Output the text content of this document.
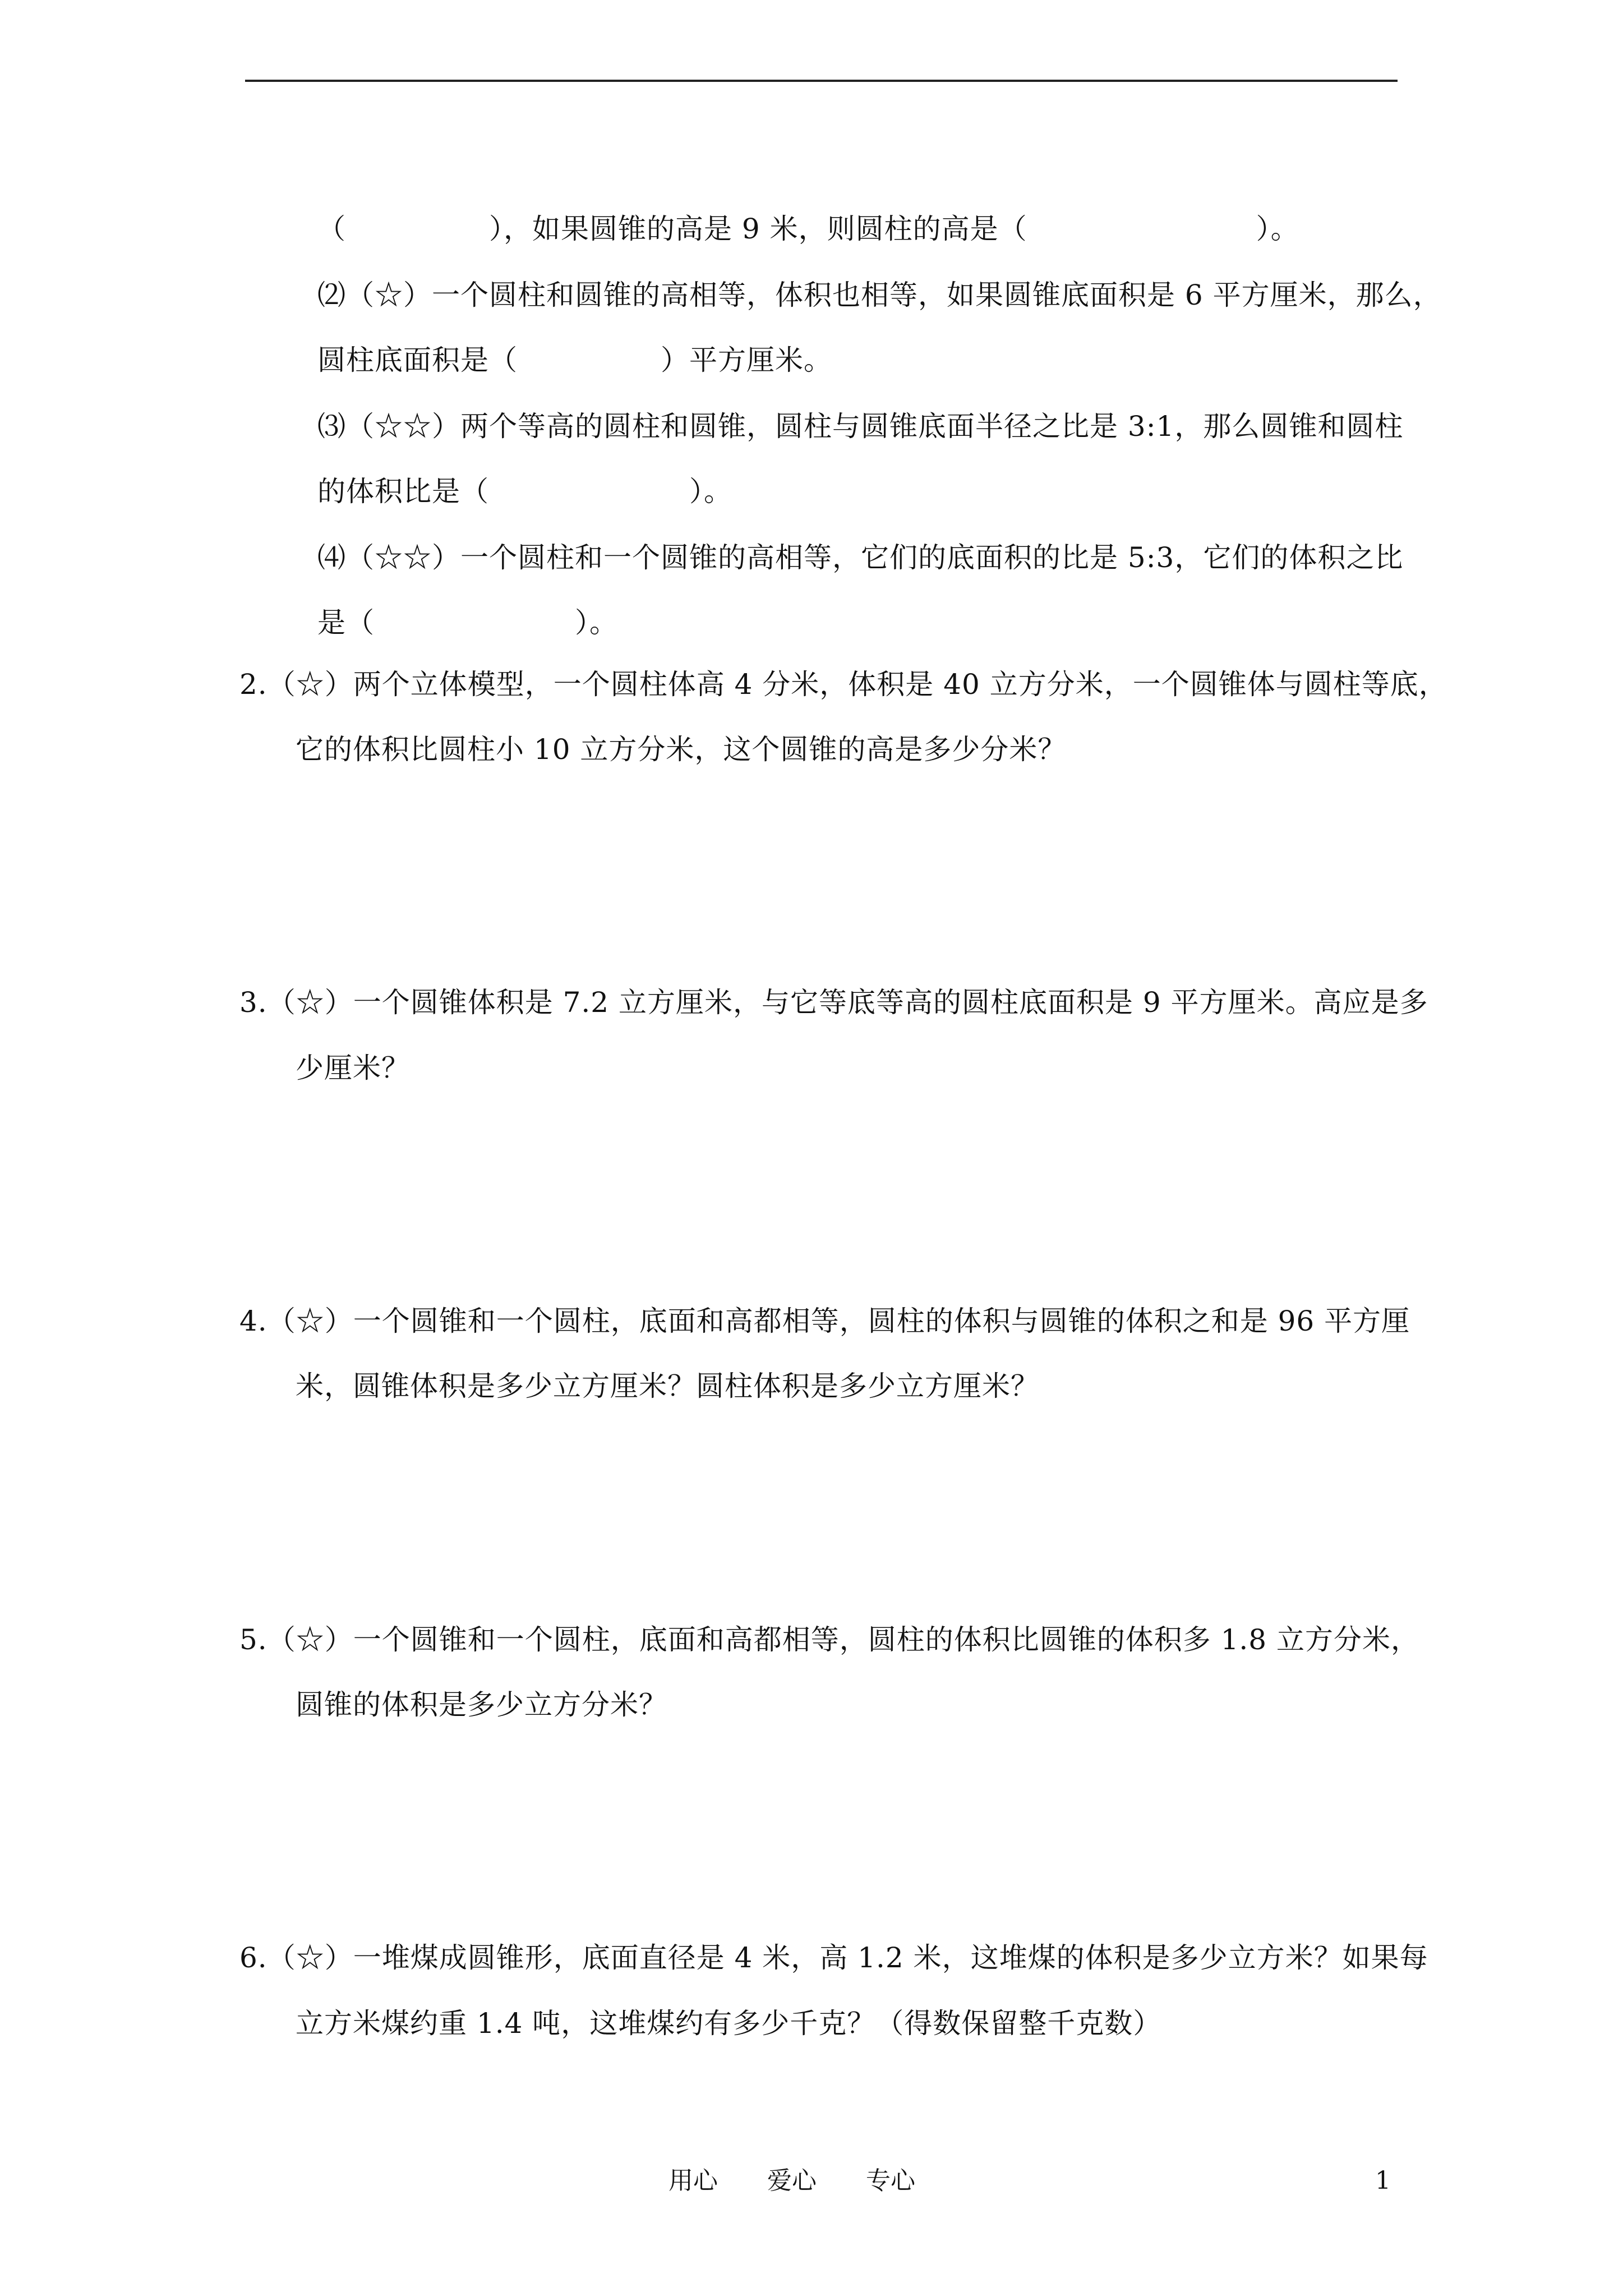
（　　　　　），如果圆锥的高是 9 米，则圆柱的高是（　　　　　　　　）。
⑵（☆）一个圆柱和圆锥的高相等，体积也相等，如果圆锥底面积是 6 平方厘米，那么，
圆柱底面积是（　　　　　）平方厘米。
⑶（☆☆）两个等高的圆柱和圆锥，圆柱与圆锥底面半径之比是 3:1，那么圆锥和圆柱
的体积比是（　　　　　　　）。
⑷（☆☆）一个圆柱和一个圆锥的高相等，它们的底面积的比是 5:3，它们的体积之比
是（　　　　　　　）。
2.（☆）两个立体模型，一个圆柱体高 4 分米，体积是 40 立方分米，一个圆锥体与圆柱等底，
它的体积比圆柱小 10 立方分米，这个圆锥的高是多少分米？
3.（☆）一个圆锥体积是 7.2 立方厘米，与它等底等高的圆柱底面积是 9 平方厘米。高应是多
少厘米？
4.（☆）一个圆锥和一个圆柱，底面和高都相等，圆柱的体积与圆锥的体积之和是 96 平方厘
米，圆锥体积是多少立方厘米？圆柱体积是多少立方厘米？
5.（☆）一个圆锥和一个圆柱，底面和高都相等，圆柱的体积比圆锥的体积多 1.8 立方分米，
圆锥的体积是多少立方分米？
6.（☆）一堆煤成圆锥形，底面直径是 4 米，高 1.2 米，这堆煤的体积是多少立方米？如果每
立方米煤约重 1.4 吨，这堆煤约有多少千克？（得数保留整千克数）
用心　　爱心　　专心	1
